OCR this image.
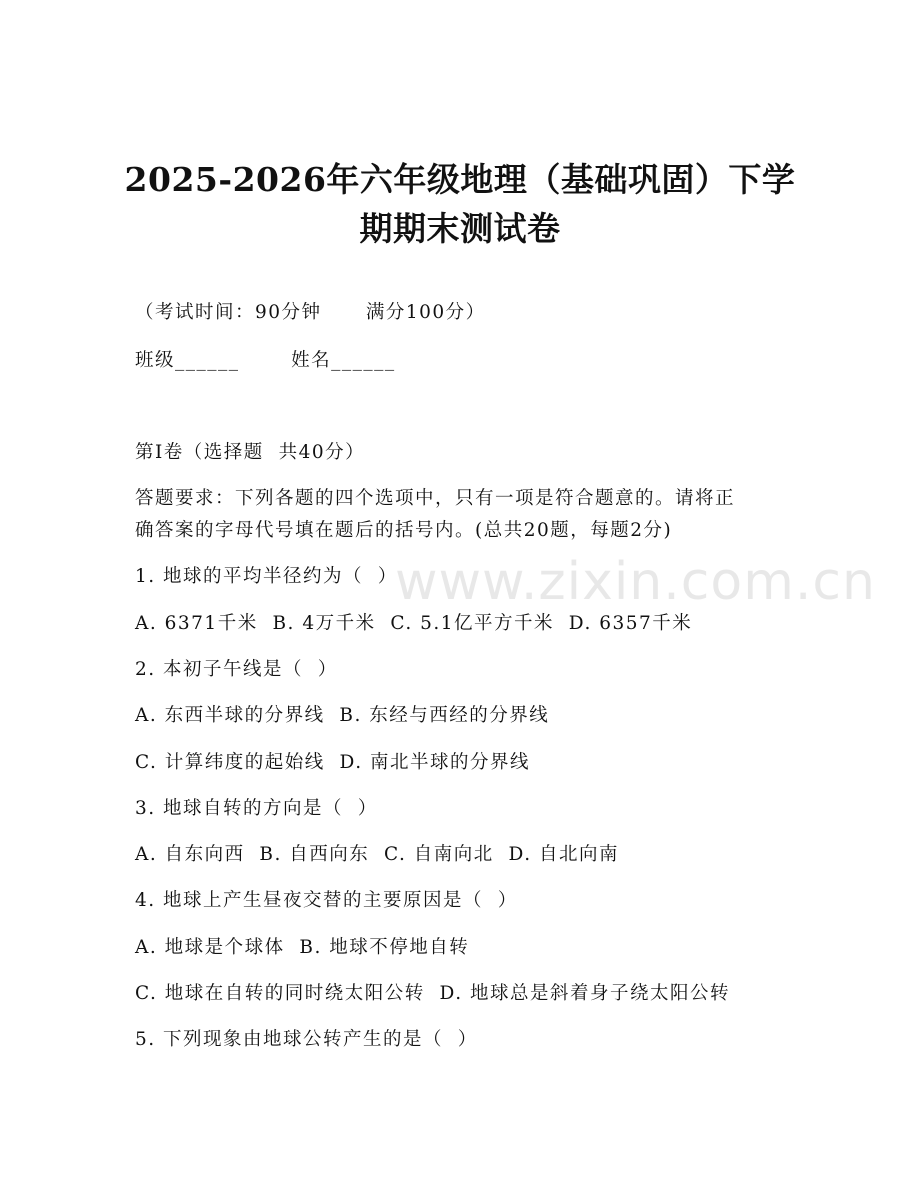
2025-2026年六年级地理（基础巩固）下学
期期末测试卷
（考试时间：90分钟      满分100分）
班级______       姓名______
第I卷（选择题  共40分）
答题要求：下列各题的四个选项中，只有一项是符合题意的。请将正
确答案的字母代号填在题后的括号内。(总共20题，每题2分)
1. 地球的平均半径约为（  ）
A. 6371千米  B. 4万千米  C. 5.1亿平方千米  D. 6357千米
2. 本初子午线是（  ）
A. 东西半球的分界线  B. 东经与西经的分界线
C. 计算纬度的起始线  D. 南北半球的分界线
3. 地球自转的方向是（  ）
A. 自东向西  B. 自西向东  C. 自南向北  D. 自北向南
4. 地球上产生昼夜交替的主要原因是（  ）
A. 地球是个球体  B. 地球不停地自转
C. 地球在自转的同时绕太阳公转  D. 地球总是斜着身子绕太阳公转
5. 下列现象由地球公转产生的是（  ）
www.zixin.com.cn
